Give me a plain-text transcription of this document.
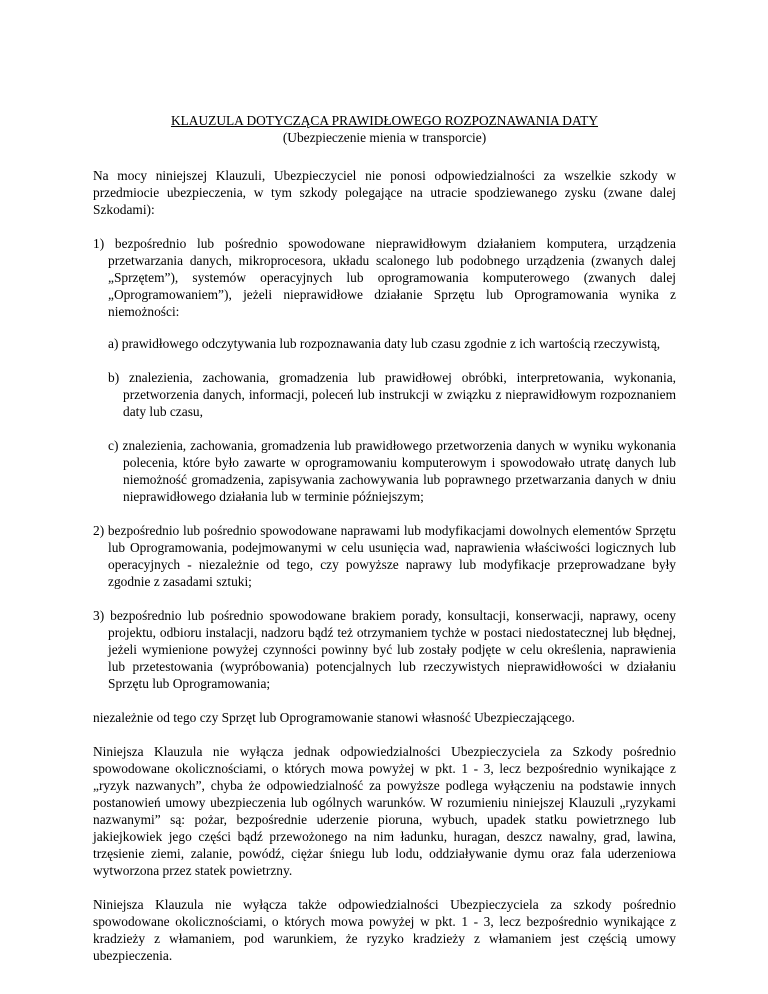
KLAUZULA DOTYCZĄCA PRAWIDŁOWEGO ROZPOZNAWANIA DATY

(Ubezpieczenie mienia w transporcie)

Na mocy niniejszej Klauzuli, Ubezpieczyciel nie ponosi odpowiedzialności za wszelkie szkody w przedmiocie ubezpieczenia, w tym szkody polegające na utracie spodziewanego zysku (zwane dalej Szkodami):

1) bezpośrednio lub pośrednio spowodowane nieprawidłowym działaniem komputera, urządzenia przetwarzania danych, mikroprocesora, układu scalonego lub podobnego urządzenia (zwanych dalej „Sprzętem”), systemów operacyjnych lub oprogramowania komputerowego (zwanych dalej „Oprogramowaniem”), jeżeli nieprawidłowe działanie Sprzętu lub Oprogramowania wynika z niemożności:

a) prawidłowego odczytywania lub rozpoznawania daty lub czasu zgodnie z ich wartością rzeczywistą,

b) znalezienia, zachowania, gromadzenia lub prawidłowej obróbki, interpretowania, wykonania, przetworzenia danych, informacji, poleceń lub instrukcji w związku z nieprawidłowym rozpoznaniem daty lub czasu,

c) znalezienia, zachowania, gromadzenia lub prawidłowego przetworzenia danych w wyniku wykonania polecenia, które było zawarte w oprogramowaniu komputerowym i spowodowało utratę danych lub niemożność gromadzenia, zapisywania zachowywania lub poprawnego przetwarzania danych w dniu nieprawidłowego działania lub w terminie późniejszym;

2) bezpośrednio lub pośrednio spowodowane naprawami lub modyfikacjami dowolnych elementów Sprzętu lub Oprogramowania, podejmowanymi w celu usunięcia wad, naprawienia właściwości logicznych lub operacyjnych - niezależnie od tego, czy powyższe naprawy lub modyfikacje przeprowadzane były zgodnie z zasadami sztuki;

3) bezpośrednio lub pośrednio spowodowane brakiem porady, konsultacji, konserwacji, naprawy, oceny projektu, odbioru instalacji, nadzoru bądź też otrzymaniem tychże w postaci niedostatecznej lub błędnej, jeżeli wymienione powyżej czynności powinny być lub zostały podjęte w celu określenia, naprawienia lub przetestowania (wypróbowania) potencjalnych lub rzeczywistych nieprawidłowości w działaniu Sprzętu lub Oprogramowania;

niezależnie od tego czy Sprzęt lub Oprogramowanie stanowi własność Ubezpieczającego.

Niniejsza Klauzula nie wyłącza jednak odpowiedzialności Ubezpieczyciela za Szkody pośrednio spowodowane okolicznościami, o których mowa powyżej w pkt. 1 - 3, lecz bezpośrednio wynikające z „ryzyk nazwanych”, chyba że odpowiedzialność za powyższe podlega wyłączeniu na podstawie innych postanowień umowy ubezpieczenia lub ogólnych warunków. W rozumieniu niniejszej Klauzuli „ryzykami nazwanymi” są: pożar, bezpośrednie uderzenie pioruna, wybuch, upadek statku powietrznego lub jakiejkowiek jego części bądź przewożonego na nim ładunku, huragan, deszcz nawalny, grad, lawina, trzęsienie ziemi, zalanie, powódź, ciężar śniegu lub lodu, oddziaływanie dymu oraz fala uderzeniowa wytworzona przez statek powietrzny.

Niniejsza Klauzula nie wyłącza także odpowiedzialności Ubezpieczyciela za szkody pośrednio spowodowane okolicznościami, o których mowa powyżej w pkt. 1 - 3, lecz bezpośrednio wynikające z kradzieży z włamaniem, pod warunkiem, że ryzyko kradzieży z włamaniem jest częścią umowy ubezpieczenia.
